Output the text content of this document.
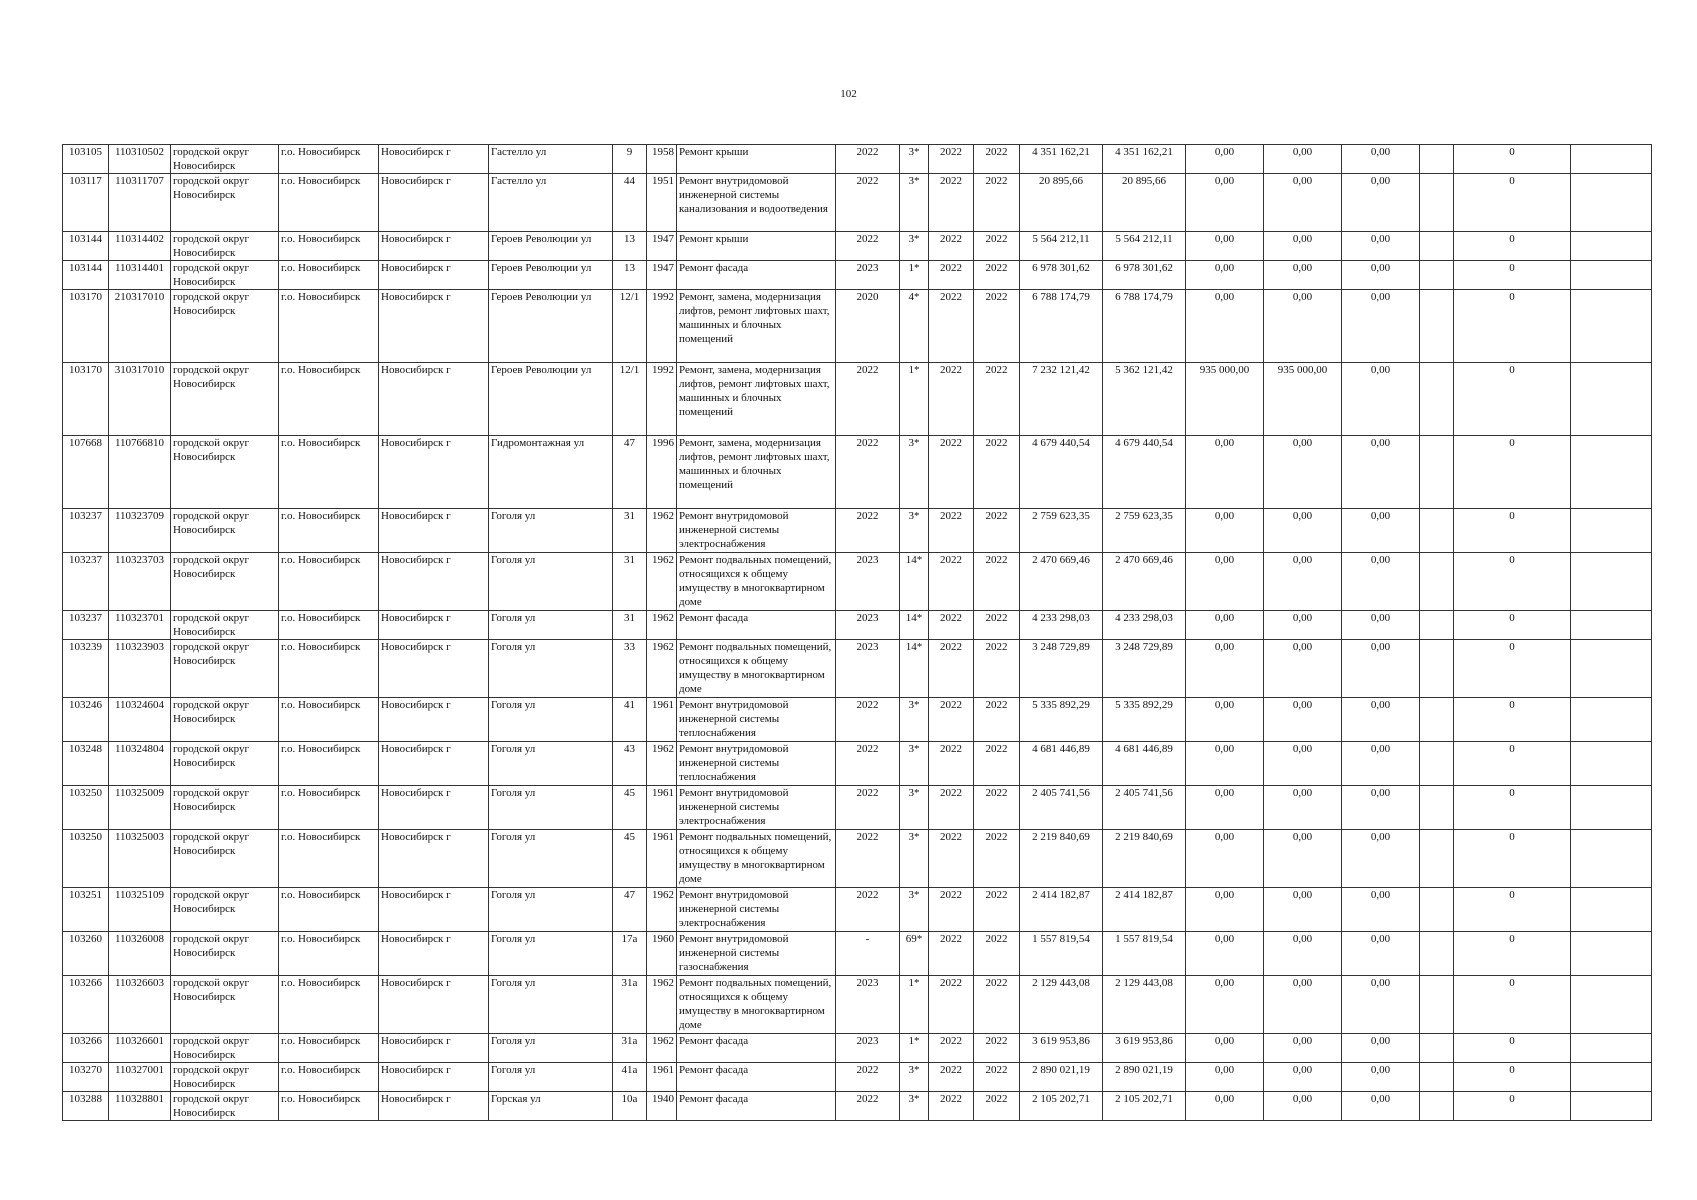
102
103105	110310502	городской округ Новосибирск	г.о. Новосибирск	Новосибирск г	Гастелло ул	9	1958	Ремонт крыши	2022	3*	2022	2022	4 351 162,21	4 351 162,21	0,00	0,00	0,00		0	
103117	110311707	городской округ Новосибирск	г.о. Новосибирск	Новосибирск г	Гастелло ул	44	1951	Ремонт внутридомовой инженерной системы канализования и водоотведения	2022	3*	2022	2022	20 895,66	20 895,66	0,00	0,00	0,00		0	
103144	110314402	городской округ Новосибирск	г.о. Новосибирск	Новосибирск г	Героев Революции ул	13	1947	Ремонт крыши	2022	3*	2022	2022	5 564 212,11	5 564 212,11	0,00	0,00	0,00		0	
103144	110314401	городской округ Новосибирск	г.о. Новосибирск	Новосибирск г	Героев Революции ул	13	1947	Ремонт фасада	2023	1*	2022	2022	6 978 301,62	6 978 301,62	0,00	0,00	0,00		0	
103170	210317010	городской округ Новосибирск	г.о. Новосибирск	Новосибирск г	Героев Революции ул	12/1	1992	Ремонт, замена, модернизация лифтов, ремонт лифтовых шахт, машинных и блочных помещений	2020	4*	2022	2022	6 788 174,79	6 788 174,79	0,00	0,00	0,00		0	
103170	310317010	городской округ Новосибирск	г.о. Новосибирск	Новосибирск г	Героев Революции ул	12/1	1992	Ремонт, замена, модернизация лифтов, ремонт лифтовых шахт, машинных и блочных помещений	2022	1*	2022	2022	7 232 121,42	5 362 121,42	935 000,00	935 000,00	0,00		0	
107668	110766810	городской округ Новосибирск	г.о. Новосибирск	Новосибирск г	Гидромонтажная ул	47	1996	Ремонт, замена, модернизация лифтов, ремонт лифтовых шахт, машинных и блочных помещений	2022	3*	2022	2022	4 679 440,54	4 679 440,54	0,00	0,00	0,00		0	
103237	110323709	городской округ Новосибирск	г.о. Новосибирск	Новосибирск г	Гоголя ул	31	1962	Ремонт внутридомовой инженерной системы электроснабжения	2022	3*	2022	2022	2 759 623,35	2 759 623,35	0,00	0,00	0,00		0	
103237	110323703	городской округ Новосибирск	г.о. Новосибирск	Новосибирск г	Гоголя ул	31	1962	Ремонт подвальных помещений, относящихся к общему имуществу в многоквартирном доме	2023	14*	2022	2022	2 470 669,46	2 470 669,46	0,00	0,00	0,00		0	
103237	110323701	городской округ Новосибирск	г.о. Новосибирск	Новосибирск г	Гоголя ул	31	1962	Ремонт фасада	2023	14*	2022	2022	4 233 298,03	4 233 298,03	0,00	0,00	0,00		0	
103239	110323903	городской округ Новосибирск	г.о. Новосибирск	Новосибирск г	Гоголя ул	33	1962	Ремонт подвальных помещений, относящихся к общему имуществу в многоквартирном доме	2023	14*	2022	2022	3 248 729,89	3 248 729,89	0,00	0,00	0,00		0	
103246	110324604	городской округ Новосибирск	г.о. Новосибирск	Новосибирск г	Гоголя ул	41	1961	Ремонт внутридомовой инженерной системы теплоснабжения	2022	3*	2022	2022	5 335 892,29	5 335 892,29	0,00	0,00	0,00		0	
103248	110324804	городской округ Новосибирск	г.о. Новосибирск	Новосибирск г	Гоголя ул	43	1962	Ремонт внутридомовой инженерной системы теплоснабжения	2022	3*	2022	2022	4 681 446,89	4 681 446,89	0,00	0,00	0,00		0	
103250	110325009	городской округ Новосибирск	г.о. Новосибирск	Новосибирск г	Гоголя ул	45	1961	Ремонт внутридомовой инженерной системы электроснабжения	2022	3*	2022	2022	2 405 741,56	2 405 741,56	0,00	0,00	0,00		0	
103250	110325003	городской округ Новосибирск	г.о. Новосибирск	Новосибирск г	Гоголя ул	45	1961	Ремонт подвальных помещений, относящихся к общему имуществу в многоквартирном доме	2022	3*	2022	2022	2 219 840,69	2 219 840,69	0,00	0,00	0,00		0	
103251	110325109	городской округ Новосибирск	г.о. Новосибирск	Новосибирск г	Гоголя ул	47	1962	Ремонт внутридомовой инженерной системы электроснабжения	2022	3*	2022	2022	2 414 182,87	2 414 182,87	0,00	0,00	0,00		0	
103260	110326008	городской округ Новосибирск	г.о. Новосибирск	Новосибирск г	Гоголя ул	17а	1960	Ремонт внутридомовой инженерной системы газоснабжения	-	69*	2022	2022	1 557 819,54	1 557 819,54	0,00	0,00	0,00		0	
103266	110326603	городской округ Новосибирск	г.о. Новосибирск	Новосибирск г	Гоголя ул	31а	1962	Ремонт подвальных помещений, относящихся к общему имуществу в многоквартирном доме	2023	1*	2022	2022	2 129 443,08	2 129 443,08	0,00	0,00	0,00		0	
103266	110326601	городской округ Новосибирск	г.о. Новосибирск	Новосибирск г	Гоголя ул	31а	1962	Ремонт фасада	2023	1*	2022	2022	3 619 953,86	3 619 953,86	0,00	0,00	0,00		0	
103270	110327001	городской округ Новосибирск	г.о. Новосибирск	Новосибирск г	Гоголя ул	41а	1961	Ремонт фасада	2022	3*	2022	2022	2 890 021,19	2 890 021,19	0,00	0,00	0,00		0	
103288	110328801	городской округ Новосибирск	г.о. Новосибирск	Новосибирск г	Горская ул	10а	1940	Ремонт фасада	2022	3*	2022	2022	2 105 202,71	2 105 202,71	0,00	0,00	0,00		0	
